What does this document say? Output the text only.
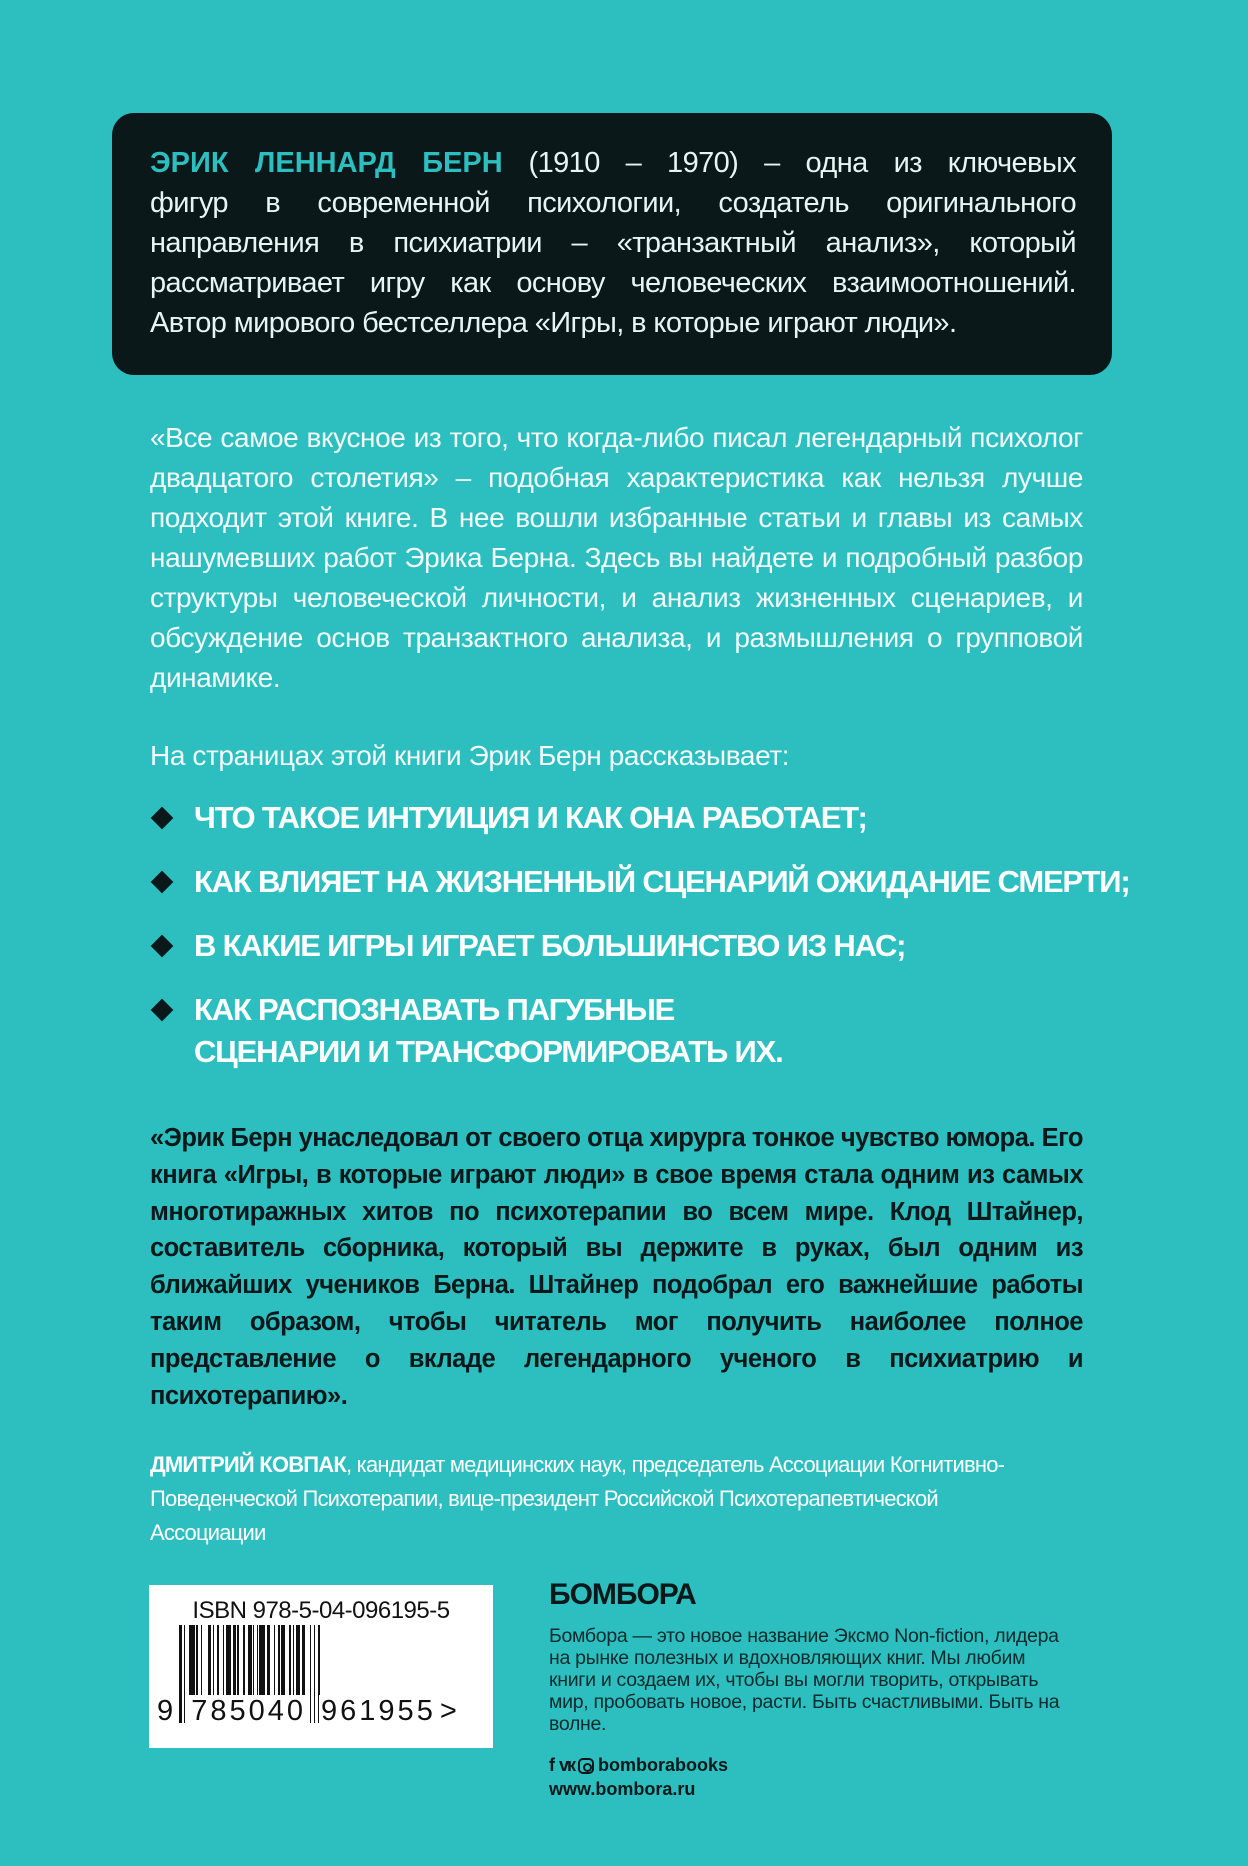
ЭРИК ЛЕННАРД БЕРН (1910 – 1970) – одна из ключевых
фигур в современной психологии, создатель оригинального
направления в психиатрии – «транзактный анализ», который
рассматривает игру как основу человеческих взаимоотношений.
Автор мирового бестселлера «Игры, в которые играют люди».

«Все самое вкусное из того, что когда-либо писал легендарный психолог двадцатого столетия» – подобная характеристика как нельзя лучше подходит этой книге. В нее вошли избранные статьи и главы из самых нашумевших работ Эрика Берна. Здесь вы найдете и подробный разбор структуры человеческой личности, и анализ жизненных сценариев, и обсуждение основ транзактного анализа, и размышления о групповой динамике.

На страницах этой книги Эрик Берн рассказывает:

ЧТО ТАКОЕ ИНТУИЦИЯ И КАК ОНА РАБОТАЕТ;
КАК ВЛИЯЕТ НА ЖИЗНЕННЫЙ СЦЕНАРИЙ ОЖИДАНИЕ СМЕРТИ;
В КАКИЕ ИГРЫ ИГРАЕТ БОЛЬШИНСТВО ИЗ НАС;
КАК РАСПОЗНАВАТЬ ПАГУБНЫЕ СЦЕНАРИИ И ТРАНСФОРМИРОВАТЬ ИХ.

«Эрик Берн унаследовал от своего отца хирурга тонкое чувство юмора. Его книга «Игры, в которые играют люди» в свое время стала одним из самых многотиражных хитов по психотерапии во всем мире. Клод Штайнер, составитель сборника, который вы держите в руках, был одним из ближайших учеников Берна. Штайнер подобрал его важнейшие работы таким образом, чтобы читатель мог получить наиболее полное представление о вкладе легендарного ученого в психиатрию и психотерапию».

ДМИТРИЙ КОВПАК, кандидат медицинских наук, председатель Ассоциации Когнитивно-Поведенческой Психотерапии, вице-президент Российской Психотерапевтической Ассоциации

ISBN 978-5-04-096195-5
9 785040 961955 >
БОМБОРА

Бомбора — это новое название Эксмо Non-fiction, лидера на рынке полезных и вдохновляющих книг. Мы любим книги и создаем их, чтобы вы могли творить, открывать мир, пробовать новое, расти. Быть счастливыми. Быть на волне.

f vк bomborabooks
www.bombora.ru
